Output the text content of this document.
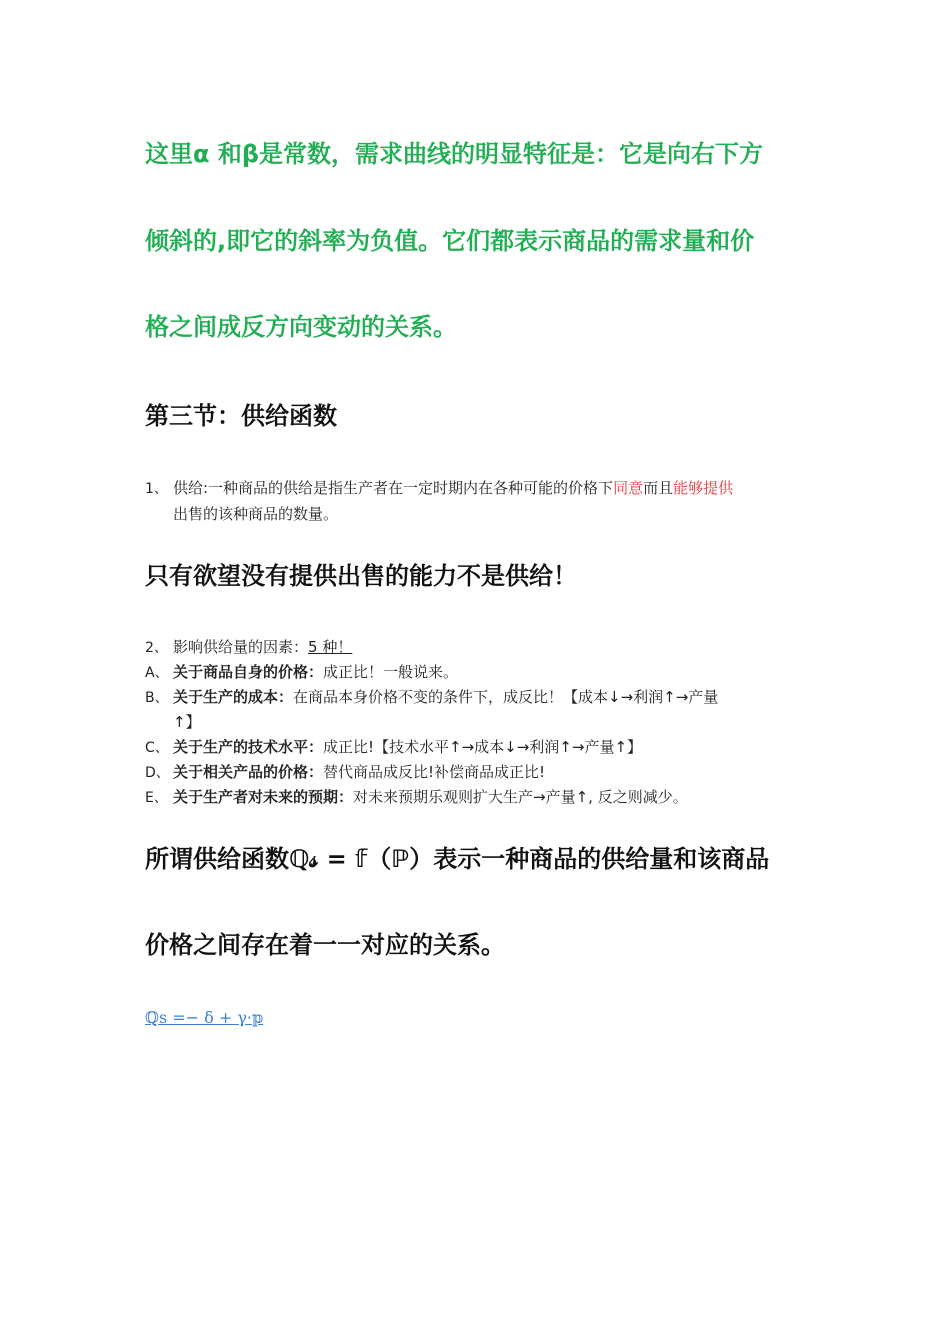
这里α 和β是常数，需求曲线的明显特征是：它是向右下方
倾斜的,即它的斜率为负值。它们都表示商品的需求量和价
格之间成反方向变动的关系。
第三节：供给函数
1、 供给:一种商品的供给是指生产者在一定时期内在各种可能的价格下同意而且能够提供
出售的该种商品的数量。
只有欲望没有提供出售的能力不是供给！
2、 影响供给量的因素：5 种！
A、 关于商品自身的价格：成正比！一般说来。
B、 关于生产的成本：在商品本身价格不变的条件下，成反比！【成本↓→利润↑→产量
↑】
C、 关于生产的技术水平：成正比!【技术水平↑→成本↓→利润↑→产量↑】
D、 关于相关产品的价格：替代商品成反比!补偿商品成正比!
E、 关于生产者对未来的预期：对未来预期乐观则扩大生产→产量↑, 反之则减少。
所谓供给函数ℚ𝓈 = 𝕗（ℙ）表示一种商品的供给量和该商品
价格之间存在着一一对应的关系。
ℚs =− δ + γ·𝕡
